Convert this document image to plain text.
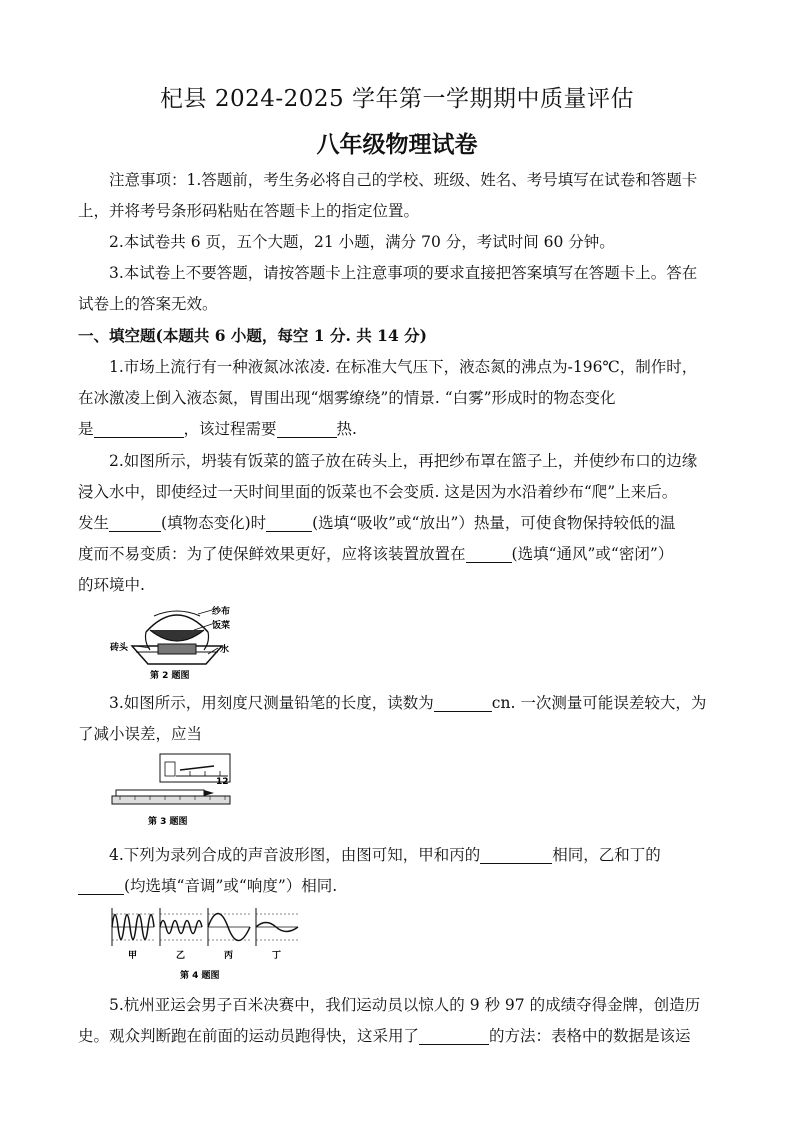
杞县 2024-2025 学年第一学期期中质量评估
八年级物理试卷
注意事项：1.答题前，考生务必将自己的学校、班级、姓名、考号填写在试卷和答题卡
上，并将考号条形码粘贴在答题卡上的指定位置。
2.本试卷共 6 页，五个大题，21 小题，满分 70 分，考试时间 60 分钟。
3.本试卷上不要答题，请按答题卡上注意事项的要求直接把答案填写在答题卡上。答在
试卷上的答案无效。
一、填空题(本题共 6 小题，每空 1 分. 共 14 分)
1.市场上流行有一种液氮冰浓凌. 在标准大气压下，液态氮的沸点为-196℃，制作时，
在冰激凌上倒入液态氮，胃围出现“烟雾缭绕”的情景. “白雾”形成时的物态变化
是	，该过程需要	热.
2.如图所示，坍装有饭菜的篮子放在砖头上，再把纱布罩在篮子上，并使纱布口的边缘
浸入水中，即使经过一天时间里面的饭菜也不会变质. 这是因为水沿着纱布“爬”上来后。
发生	(填物态变化)时	(选填“吸收”或“放出”）热量，可使食物保持较低的温
度而不易变质：为了使保鲜效果更好，应将该装置放置在	(选填“通风”或“密闭”）
的环境中.
纱布
饭菜
砖头	水
第 2 题图
3.如图所示，用刻度尺测量铅笔的长度，读数为	cn. 一次测量可能误差较大，为
了减小误差，应当
12
第 3 题图
4.下列为录列合成的声音波形图，由图可知，甲和丙的	相同，乙和丁的
(均选填“音调”或“响度”）相同.
甲	乙	丙	丁
第 4 题图
5.杭州亚运会男子百米决赛中，我们运动员以惊人的 9 秒 97 的成绩夺得金牌，创造历
史。观众判断跑在前面的运动员跑得快，这采用了	的方法：表格中的数据是该运
